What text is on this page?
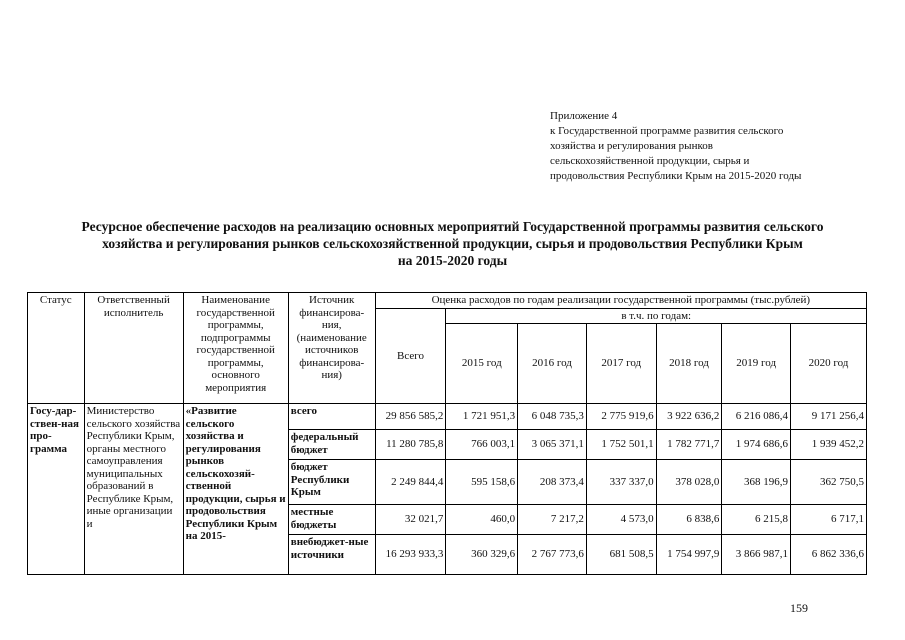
Приложение 4
к Государственной программе развития сельского
хозяйства и регулирования рынков
сельскохозяйственной продукции, сырья и
продовольствия Республики Крым на 2015-2020 годы
Ресурсное обеспечение расходов на реализацию основных мероприятий Государственной программы развития сельского
хозяйства и регулирования рынков сельскохозяйственной продукции, сырья и продовольствия Республики Крым
на 2015-2020 годы
Статус	Ответственный исполнитель	Наименование государственной программы, подпрограммы государственной программы, основного мероприятия	Источник финансирова-ния, (наименование источников финансирова-ния)	Оценка расходов по годам реализации государственной программы (тыс.рублей)						
				Всего	в т.ч. по годам:					
					2015 год	2016 год	2017 год	2018 год	2019 год	2020 год
Госу-дар-ствен-ная про-грамма	Министерство сельского хозяйства Республики Крым, органы местного самоуправления муниципальных образований в Республике Крым, иные организации и	«Развитие сельского хозяйства и регулирования рынков сельскохозяй-ственной продукции, сырья и продовольствия Республики Крым на 2015-	всего	29 856 585,2	1 721 951,3	6 048 735,3	2 775 919,6	3 922 636,2	6 216 086,4	9 171 256,4
			федеральный бюджет	11 280 785,8	766 003,1	3 065 371,1	1 752 501,1	1 782 771,7	1 974 686,6	1 939 452,2
			бюджет Республики Крым	2 249 844,4	595 158,6	208 373,4	337 337,0	378 028,0	368 196,9	362 750,5
			местные бюджеты	32 021,7	460,0	7 217,2	4 573,0	6 838,6	6 215,8	6 717,1
			внебюджет-ные источники	16 293 933,3	360 329,6	2 767 773,6	681 508,5	1 754 997,9	3 866 987,1	6 862 336,6
159
